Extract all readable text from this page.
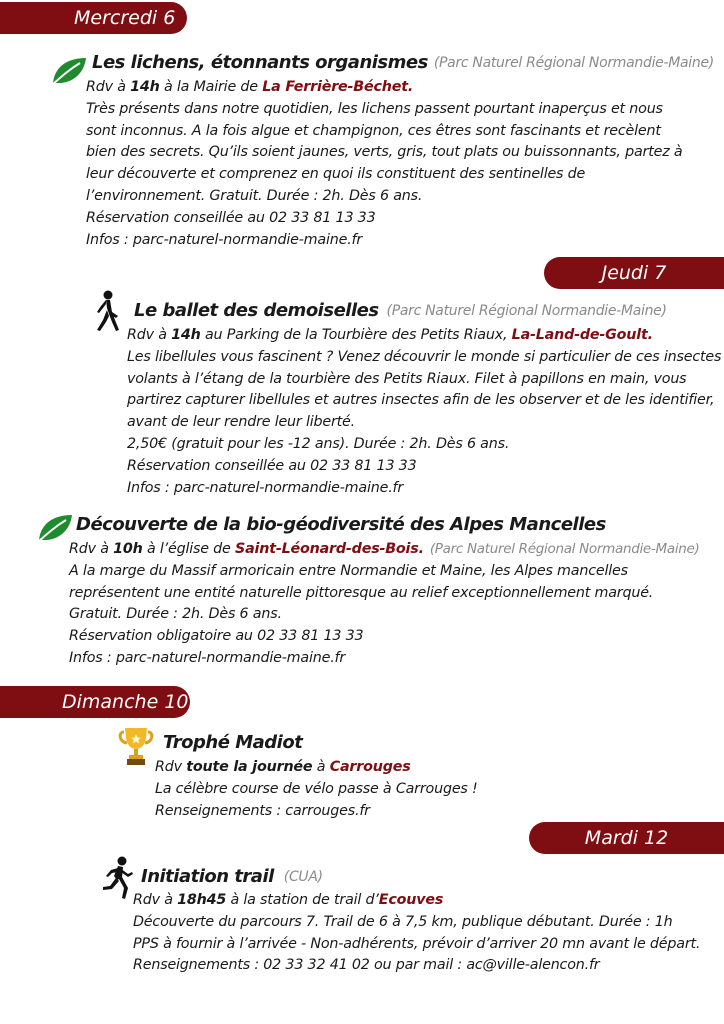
Mercredi 6
Jeudi 7
Dimanche 10
Mardi 12
Les lichens, étonnants organismes (Parc Naturel Régional Normandie-Maine)
Rdv à 14h à la Mairie de La Ferrière-Béchet.
Très présents dans notre quotidien, les lichens passent pourtant inaperçus et nous
sont inconnus. A la fois algue et champignon, ces êtres sont fascinants et recèlent
bien des secrets. Qu’ils soient jaunes, verts, gris, tout plats ou buissonnants, partez à
leur découverte et comprenez en quoi ils constituent des sentinelles de
l’environnement. Gratuit. Durée : 2h. Dès 6 ans.
Réservation conseillée au 02 33 81 13 33
Infos : parc-naturel-normandie-maine.fr
Le ballet des demoiselles (Parc Naturel Régional Normandie-Maine)
Rdv à 14h au Parking de la Tourbière des Petits Riaux, La-Land-de-Goult.
Les libellules vous fascinent ? Venez découvrir le monde si particulier de ces insectes
volants à l’étang de la tourbière des Petits Riaux. Filet à papillons en main, vous
partirez capturer libellules et autres insectes afin de les observer et de les identifier,
avant de leur rendre leur liberté.
2,50€ (gratuit pour les -12 ans). Durée : 2h. Dès 6 ans.
Réservation conseillée au 02 33 81 13 33
Infos : parc-naturel-normandie-maine.fr
Découverte de la bio-géodiversité des Alpes Mancelles
Rdv à 10h à l’église de Saint-Léonard-des-Bois. (Parc Naturel Régional Normandie-Maine)
A la marge du Massif armoricain entre Normandie et Maine, les Alpes mancelles
représentent une entité naturelle pittoresque au relief exceptionnellement marqué.
Gratuit. Durée : 2h. Dès 6 ans.
Réservation obligatoire au 02 33 81 13 33
Infos : parc-naturel-normandie-maine.fr
Trophé Madiot
Rdv toute la journée à Carrouges
La célèbre course de vélo passe à Carrouges !
Renseignements : carrouges.fr
Initiation trail (CUA)
Rdv à 18h45 à la station de trail d’Ecouves
Découverte du parcours 7. Trail de 6 à 7,5 km, publique débutant. Durée : 1h
PPS à fournir à l’arrivée - Non-adhérents, prévoir d’arriver 20 mn avant le départ.
Renseignements : 02 33 32 41 02 ou par mail : ac@ville-alencon.fr
